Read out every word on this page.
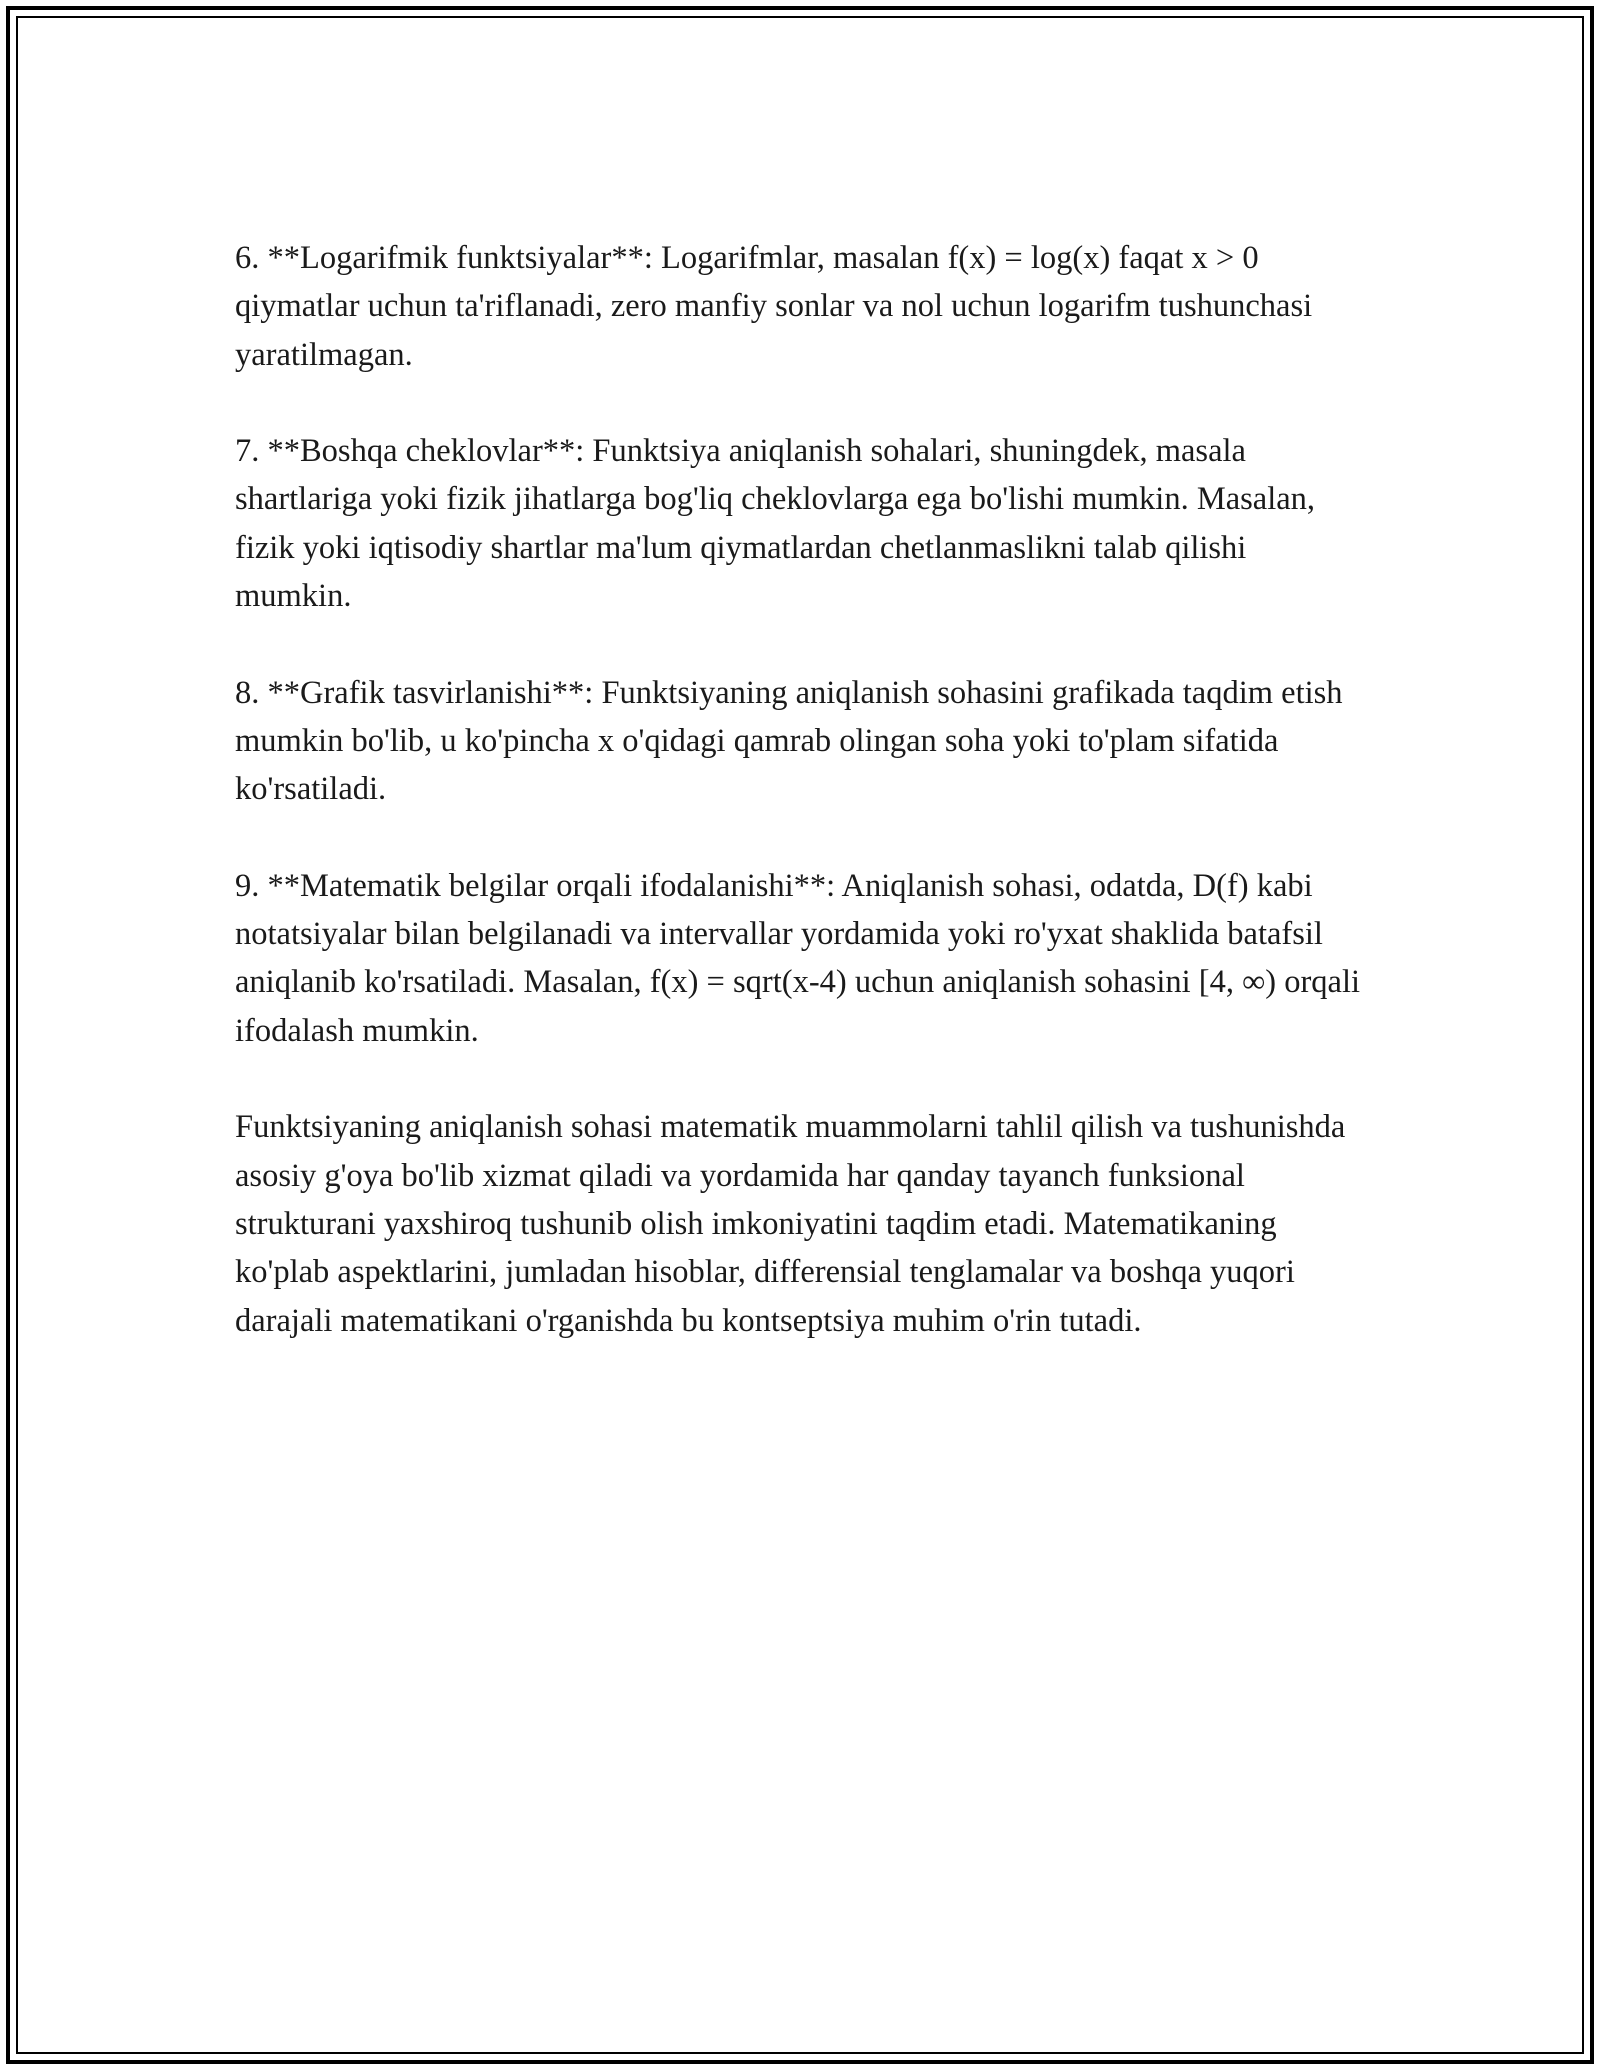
6. **Logarifmik funktsiyalar**: Logarifmlar, masalan f(x) = log(x) faqat x > 0 qiymatlar uchun ta'riflanadi, zero manfiy sonlar va nol uchun logarifm tushunchasi yaratilmagan.

7. **Boshqa cheklovlar**: Funktsiya aniqlanish sohalari, shuningdek, masala shartlariga yoki fizik jihatlarga bog'liq cheklovlarga ega bo'lishi mumkin. Masalan, fizik yoki iqtisodiy shartlar ma'lum qiymatlardan chetlanmaslikni talab qilishi mumkin.

8. **Grafik tasvirlanishi**: Funktsiyaning aniqlanish sohasini grafikada taqdim etish mumkin bo'lib, u ko'pincha x o'qidagi qamrab olingan soha yoki to'plam sifatida ko'rsatiladi.

9. **Matematik belgilar orqali ifodalanishi**: Aniqlanish sohasi, odatda, D(f) kabi notatsiyalar bilan belgilanadi va intervallar yordamida yoki ro'yxat shaklida batafsil aniqlanib ko'rsatiladi. Masalan, f(x) = sqrt(x-4) uchun aniqlanish sohasini [4, ∞) orqali ifodalash mumkin.

Funktsiyaning aniqlanish sohasi matematik muammolarni tahlil qilish va tushunishda asosiy g'oya bo'lib xizmat qiladi va yordamida har qanday tayanch funksional strukturani yaxshiroq tushunib olish imkoniyatini taqdim etadi. Matematikaning ko'plab aspektlarini, jumladan hisoblar, differensial tenglamalar va boshqa yuqori darajali matematikani o'rganishda bu kontseptsiya muhim o'rin tutadi.
